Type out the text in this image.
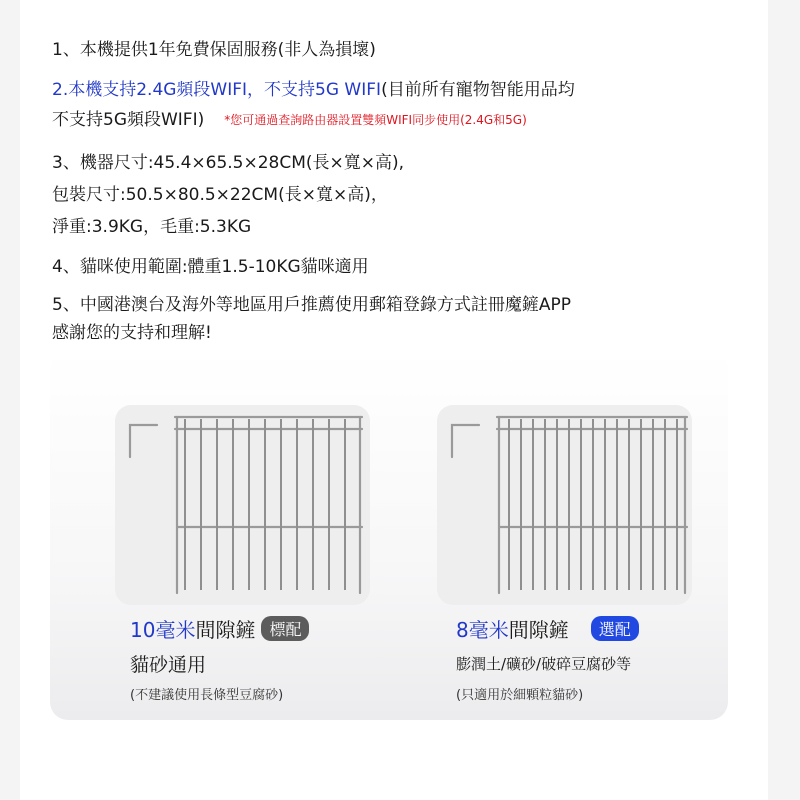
1、本機提供1年免費保固服務(非人為損壞)
2.本機支持2.4G頻段WIFI，不支持5G WIFI(目前所有寵物智能用品均
不支持5G頻段WIFI) *您可通過查詢路由器設置雙頻WIFI同步使用(2.4G和5G)
3、機器尺寸:45.4×65.5×28CM(長×寬×高),
包裝尺寸:50.5×80.5×22CM(長×寬×高)，
淨重:3.9KG，毛重:5.3KG
4、貓咪使用範圍:體重1.5-10KG貓咪適用
5、中國港澳台及海外等地區用戶推薦使用郵箱登錄方式註冊魔鏟APP
感謝您的支持和理解!
10毫米間隙鏟 標配
貓砂通用
(不建議使用長條型豆腐砂)
8毫米間隙鏟 選配
膨潤土/礦砂/破碎豆腐砂等
(只適用於細顆粒貓砂)
